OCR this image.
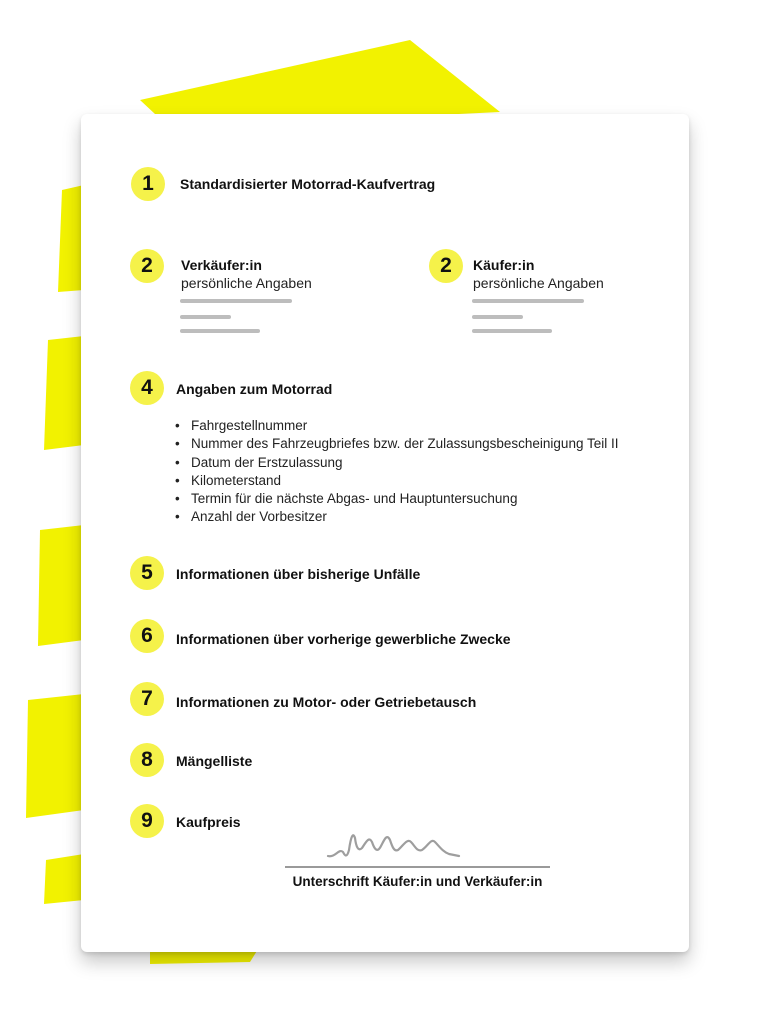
1	Standardisierter Motorrad-Kaufvertrag
2	Verkäufer:in
persönliche Angaben
2	Käufer:in
persönliche Angaben
4	Angaben zum Motorrad
• Fahrgestellnummer
• Nummer des Fahrzeugbriefes bzw. der Zulassungsbescheinigung Teil II
• Datum der Erstzulassung
• Kilometerstand
• Termin für die nächste Abgas- und Hauptuntersuchung
• Anzahl der Vorbesitzer
5	Informationen über bisherige Unfälle
6	Informationen über vorherige gewerbliche Zwecke
7	Informationen zu Motor- oder Getriebetausch
8	Mängelliste
9	Kaufpreis
Unterschrift Käufer:in und Verkäufer:in
